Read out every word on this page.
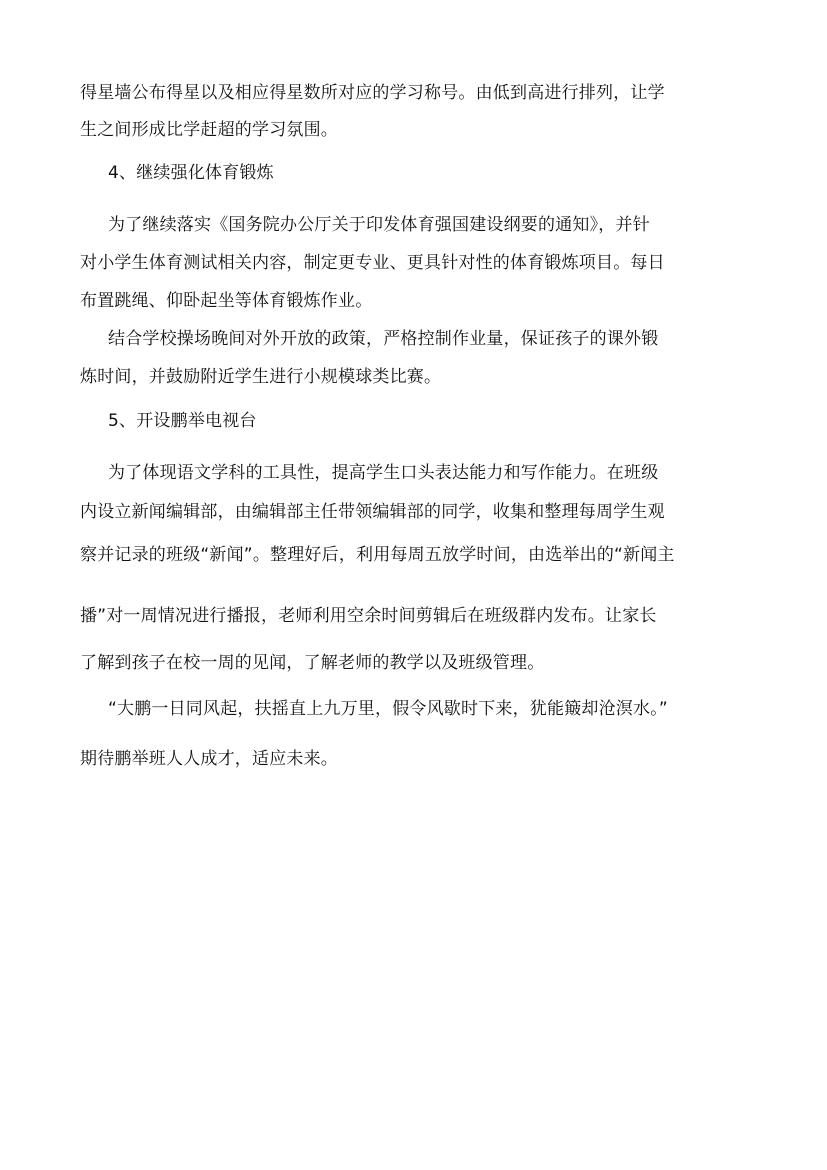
得星墙公布得星以及相应得星数所对应的学习称号。由低到高进行排列，让学
生之间形成比学赶超的学习氛围。
4、继续强化体育锻炼
为了继续落实《国务院办公厅关于印发体育强国建设纲要的通知》，并针
对小学生体育测试相关内容，制定更专业、更具针对性的体育锻炼项目。每日
布置跳绳、仰卧起坐等体育锻炼作业。
结合学校操场晚间对外开放的政策，严格控制作业量，保证孩子的课外锻
炼时间，并鼓励附近学生进行小规模球类比赛。
5、开设鹏举电视台
为了体现语文学科的工具性，提高学生口头表达能力和写作能力。在班级
内设立新闻编辑部，由编辑部主任带领编辑部的同学，收集和整理每周学生观
察并记录的班级“新闻”。整理好后，利用每周五放学时间，由选举出的“新闻主
播”对一周情况进行播报，老师利用空余时间剪辑后在班级群内发布。让家长
了解到孩子在校一周的见闻，了解老师的教学以及班级管理。
“大鹏一日同风起，扶摇直上九万里，假令风歇时下来，犹能簸却沧溟水。”
期待鹏举班人人成才，适应未来。
